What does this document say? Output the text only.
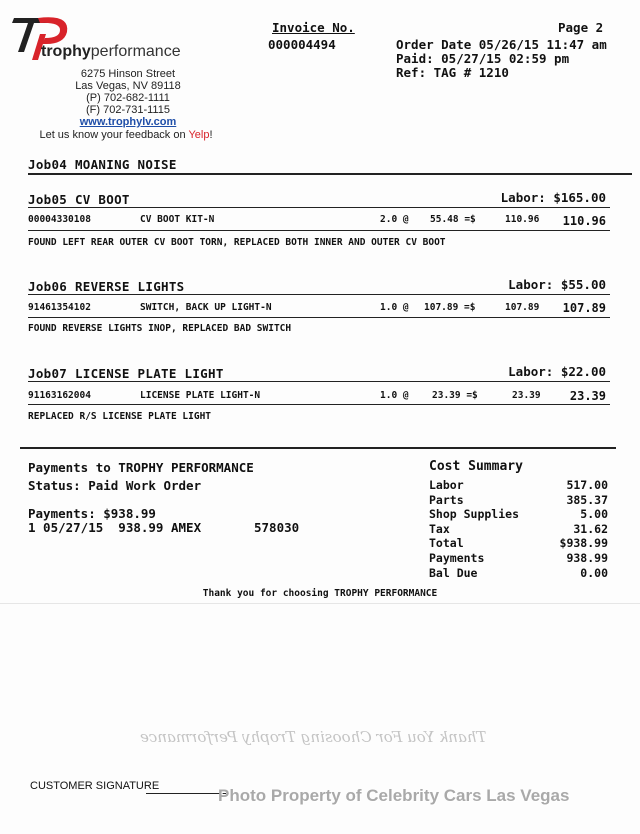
trophyperformance
6275 Hinson Street
Las Vegas, NV 89118
(P) 702-682-1111
(F) 702-731-1115
www.trophylv.com
Let us know your feedback on Yelp!
Invoice No.
000004494
Page 2
Order Date 05/26/15 11:47 am
Paid: 05/27/15 02:59 pm
Ref: TAG # 1210
Job04 MOANING NOISE
Job05 CV BOOT	Labor: $165.00
00004330108	CV BOOT KIT-N	2.0 @ 55.48 =$	110.96	110.96
FOUND LEFT REAR OUTER CV BOOT TORN, REPLACED BOTH INNER AND OUTER CV BOOT
Job06 REVERSE LIGHTS	Labor: $55.00
91461354102	SWITCH, BACK UP LIGHT-N	1.0 @ 107.89 =$	107.89	107.89
FOUND REVERSE LIGHTS INOP, REPLACED BAD SWITCH
Job07 LICENSE PLATE LIGHT	Labor: $22.00
91163162004	LICENSE PLATE LIGHT-N	1.0 @ 23.39 =$	23.39	23.39
REPLACED R/S LICENSE PLATE LIGHT
Payments to TROPHY PERFORMANCE
Status: Paid Work Order
Payments: $938.99
1 05/27/15  938.99 AMEX	578030
Cost Summary
Labor	517.00
Parts	385.37
Shop Supplies	5.00
Tax	31.62
Total	$938.99
Payments	938.99
Bal Due	0.00
Thank you for choosing TROPHY PERFORMANCE
Thank You For Choosing Trophy Performance
CUSTOMER SIGNATURE	Photo Property of Celebrity Cars Las Vegas
